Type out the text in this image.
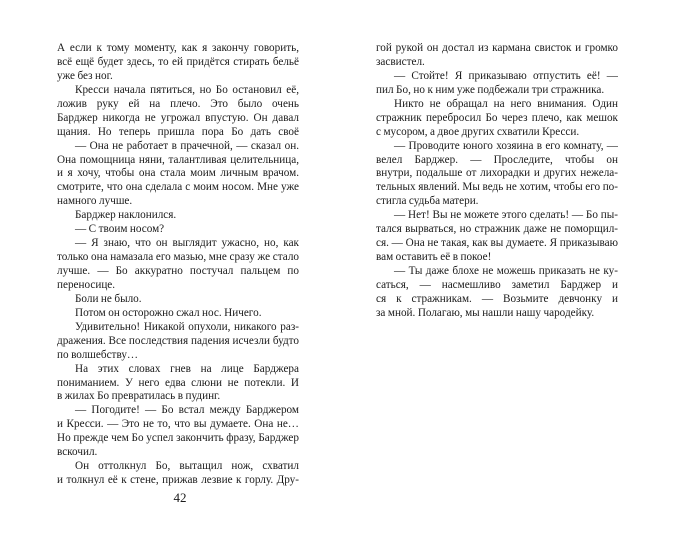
А если к тому моменту, как я закончу говорить,
всё ещё будет здесь, то ей придётся стирать бельё
уже без ног.
Кресси начала пятиться, но Бо остановил её,
ложив руку ей на плечо. Это было очень
Барджер никогда не угрожал впустую. Он давал
щания. Но теперь пришла пора Бо дать своё
— Она не работает в прачечной, — сказал он.
Она помощница няни, талантливая целительница,
и я хочу, чтобы она стала моим личным врачом.
смотрите, что она сделала с моим носом. Мне уже
намного лучше.
Барджер наклонился.
— С твоим носом?
— Я знаю, что он выглядит ужасно, но, как
только она намазала его мазью, мне сразу же стало
лучше. — Бо аккуратно постучал пальцем по
переносице.
Боли не было.
Потом он осторожно сжал нос. Ничего.
Удивительно! Никакой опухоли, никакого раз-
дражения. Все последствия падения исчезли будто
по волшебству…
На этих словах гнев на лице Барджера
пониманием. У него едва слюни не потекли. И
в жилах Бо превратилась в пудинг.
— Погодите! — Бо встал между Барджером
и Кресси. — Это не то, что вы думаете. Она не…
Но прежде чем Бо успел закончить фразу, Барджер
вскочил.
Он оттолкнул Бо, вытащил нож, схватил
и толкнул её к стене, прижав лезвие к горлу. Дру-
гой рукой он достал из кармана свисток и громко
засвистел.
— Стойте! Я приказываю отпустить её! —
пил Бо, но к ним уже подбежали три стражника.
Никто не обращал на него внимания. Один
стражник перебросил Бо через плечо, как мешок
с мусором, а двое других схватили Кресси.
— Проводите юного хозяина в его комнату, —
велел Барджер. — Проследите, чтобы он
внутри, подальше от лихорадки и других нежела-
тельных явлений. Мы ведь не хотим, чтобы его по-
стигла судьба матери.
— Нет! Вы не можете этого сделать! — Бо пы-
тался вырваться, но стражник даже не поморщил-
ся. — Она не такая, как вы думаете. Я приказываю
вам оставить её в покое!
— Ты даже блохе не можешь приказать не ку-
саться, — насмешливо заметил Барджер и
ся к стражникам. — Возьмите девчонку и
за мной. Полагаю, мы нашли нашу чародейку.
42
